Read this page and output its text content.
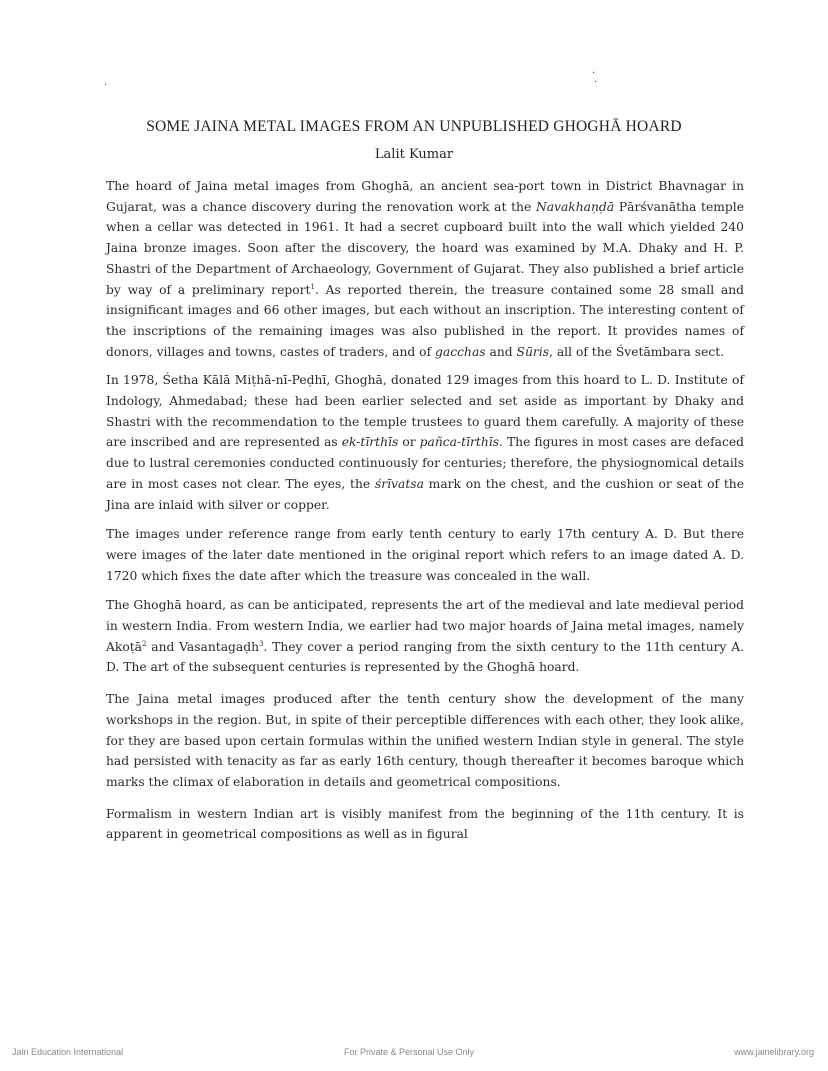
·
·
·
SOME JAINA METAL IMAGES FROM AN UNPUBLISHED GHOGHĀ HOARD
Lalit Kumar

The hoard of Jaina metal images from Ghoghā, an ancient sea-port town in District Bhavnagar in Gujarat, was a chance discovery during the renovation work at the Navakhaṇḍā Pārśvanātha temple when a cellar was detected in 1961. It had a secret cupboard built into the wall which yielded 240 Jaina bronze images. Soon after the discovery, the hoard was examined by M.A. Dhaky and H. P. Shastri of the Department of Archaeology, Government of Gujarat. They also published a brief article by way of a preliminary report$^1$. As reported therein, the treasure contained some 28 small and insignificant images and 66 other images, but each without an inscription. The interesting content of the inscriptions of the remaining images was also published in the report. It provides names of donors, villages and towns, castes of traders, and of gacchas and Sūris, all of the Śvetāmbara sect.

In 1978, Śetha Kālā Miṭhā-nī-Peḍhī, Ghoghā, donated 129 images from this hoard to L. D. Institute of Indology, Ahmedabad; these had been earlier selected and set aside as important by Dhaky and Shastri with the recommendation to the temple trustees to guard them carefully. A majority of these are inscribed and are represented as ek-tīrthīs or pañca-tīrthīs. The figures in most cases are defaced due to lustral ceremonies conducted continuously for centuries; therefore, the physiognomical details are in most cases not clear. The eyes, the śrīvatsa mark on the chest, and the cushion or seat of the Jina are inlaid with silver or copper.

The images under reference range from early tenth century to early 17th century A. D. But there were images of the later date mentioned in the original report which refers to an image dated A. D. 1720 which fixes the date after which the treasure was concealed in the wall.

The Ghoghā hoard, as can be anticipated, represents the art of the medieval and late medieval period in western India. From western India, we earlier had two major hoards of Jaina metal images, namely Akoṭā$^2$ and Vasantagaḍh$^3$. They cover a period ranging from the sixth century to the 11th century A. D. The art of the subsequent centuries is represented by the Ghoghā hoard.

The Jaina metal images produced after the tenth century show the development of the many workshops in the region. But, in spite of their perceptible differences with each other, they look alike, for they are based upon certain formulas within the unified western Indian style in general. The style had persisted with tenacity as far as early 16th century, though thereafter it becomes baroque which marks the climax of elaboration in details and geometrical compositions.

Formalism in western Indian art is visibly manifest from the beginning of the 11th century. It is apparent in geometrical compositions as well as in figural

Jain Education International	For Private & Personal Use Only	www.jainelibrary.org
